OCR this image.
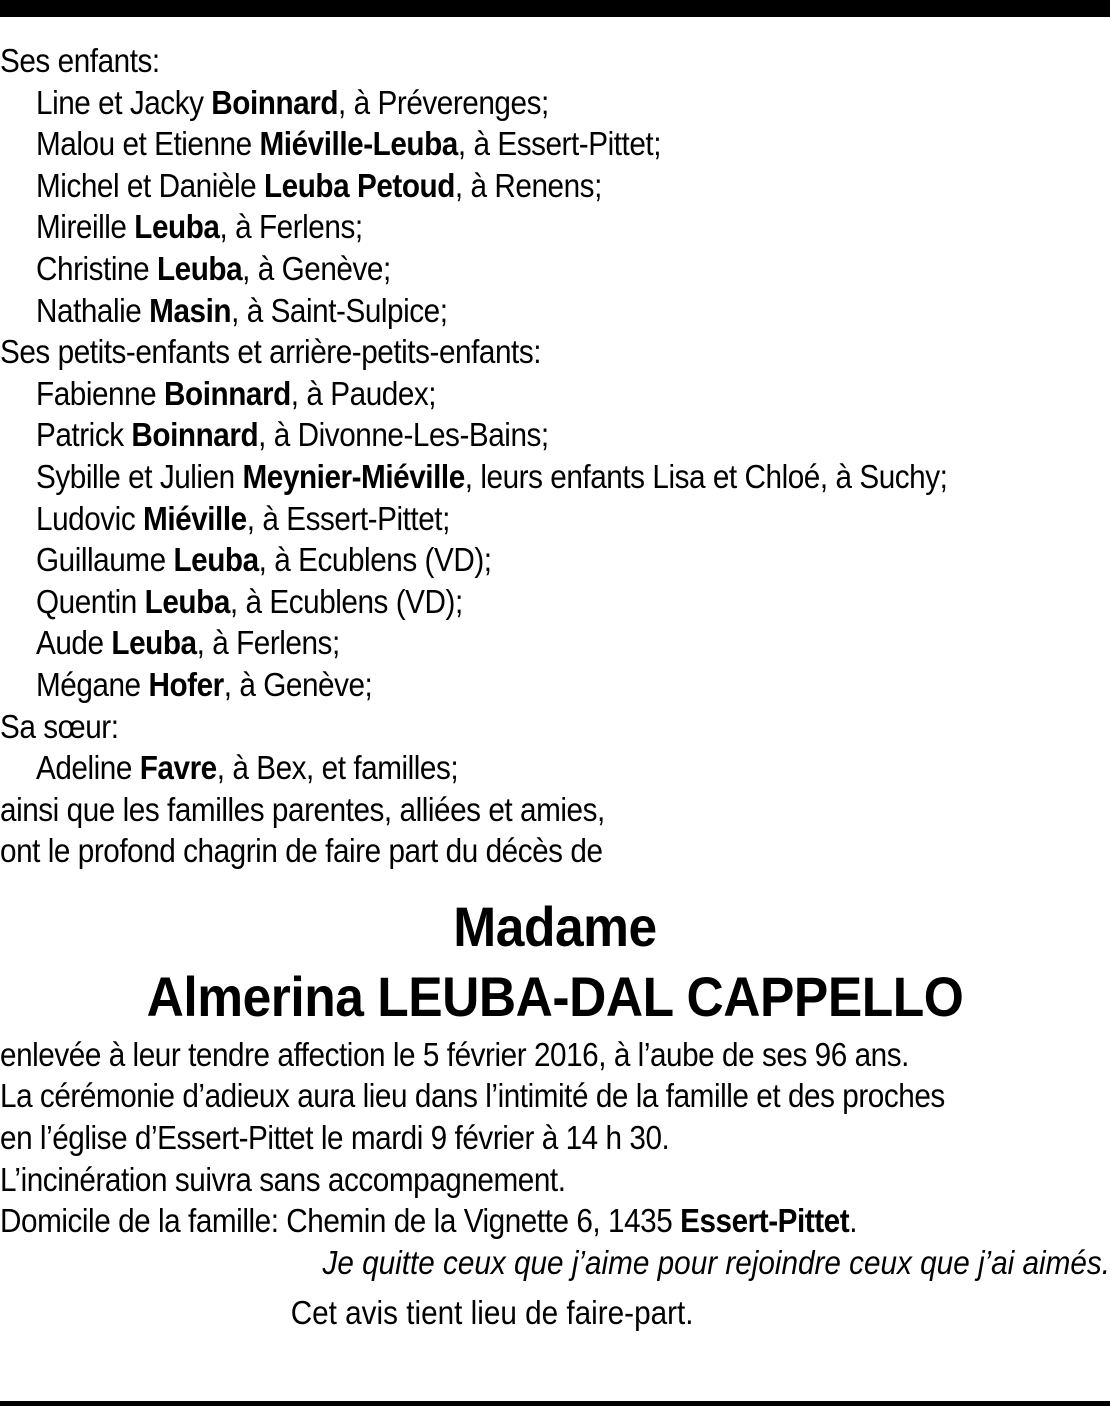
Ses enfants:
Line et Jacky Boinnard, à Préverenges;
Malou et Etienne Miéville-Leuba, à Essert-Pittet;
Michel et Danièle Leuba Petoud, à Renens;
Mireille Leuba, à Ferlens;
Christine Leuba, à Genève;
Nathalie Masin, à Saint-Sulpice;
Ses petits-enfants et arrière-petits-enfants:
Fabienne Boinnard, à Paudex;
Patrick Boinnard, à Divonne-Les-Bains;
Sybille et Julien Meynier-Miéville, leurs enfants Lisa et Chloé, à Suchy;
Ludovic Miéville, à Essert-Pittet;
Guillaume Leuba, à Ecublens (VD);
Quentin Leuba, à Ecublens (VD);
Aude Leuba, à Ferlens;
Mégane Hofer, à Genève;
Sa sœur:
Adeline Favre, à Bex, et familles;
ainsi que les familles parentes, alliées et amies,
ont le profond chagrin de faire part du décès de
Madame
Almerina LEUBA-DAL CAPPELLO
enlevée à leur tendre affection le 5 février 2016, à l’aube de ses 96 ans.
La cérémonie d’adieux aura lieu dans l’intimité de la famille et des proches
en l’église d’Essert-Pittet le mardi 9 février à 14 h 30.
L’incinération suivra sans accompagnement.
Domicile de la famille: Chemin de la Vignette 6, 1435 Essert-Pittet.
Je quitte ceux que j’aime pour rejoindre ceux que j’ai aimés.
Cet avis tient lieu de faire-part.
